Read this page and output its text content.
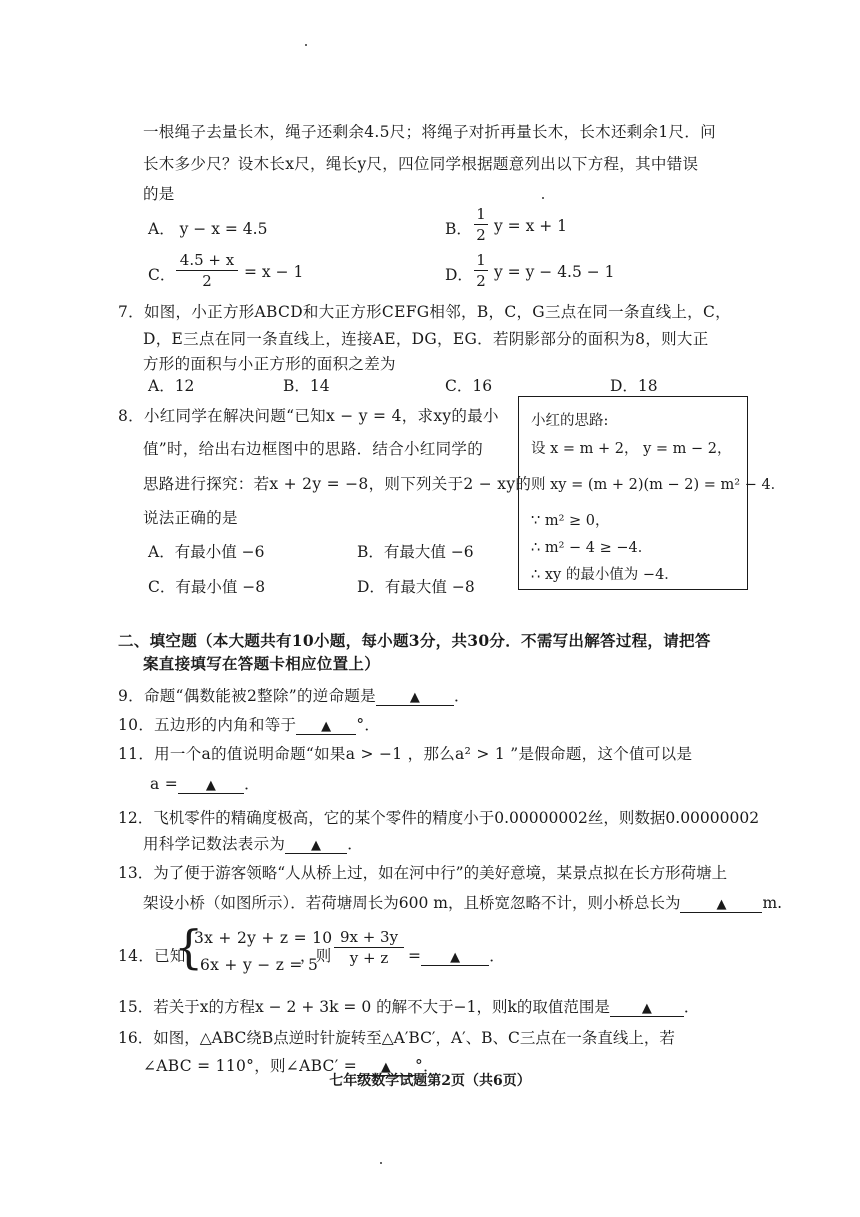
一根绳子去量长木，绳子还剩余4.5尺；将绳子对折再量长木，长木还剩余1尺．问
长木多少尺？设木长x尺，绳长y尺，四位同学根据题意列出以下方程，其中错误
的是
A． y − x = 4.5	B．
1
2 y = x + 1
C．
4.5 + x
2	= x − 1	D．
1
2 y = y − 4.5 − 1
7．如图，小正方形ABCD和大正方形CEFG相邻，B，C，G三点在同一条直线上，C，
D，E三点在同一条直线上，连接AE，DG，EG．若阴影部分的面积为8，则大正
方形的面积与小正方形的面积之差为
A．12	B．14	C．16	D．18
8．小红同学在解决问题“已知x − y = 4，求xy的最小
值”时，给出右边框图中的思路．结合小红同学的
思路进行探究：若x + 2y = −8，则下列关于2 − xy的
说法正确的是
A．有最小值 −6	B．有最大值 −6
C．有最小值 −8	D．有最大值 −8
小红的思路:
设 x = m + 2， y = m − 2，
则 xy = (m + 2)(m − 2) = m² − 4．
∵ m² ≥ 0，
∴ m² − 4 ≥ −4．
∴ xy 的最小值为 −4．
二、填空题（本大题共有10小题，每小题3分，共30分．不需写出解答过程，请把答
案直接填写在答题卡相应位置上）
9．命题“偶数能被2整除”的逆命题是	▲ ．
10．五边形的内角和等于 ▲ °．
11．用一个a的值说明命题“如果a > −1 ，那么a² > 1 ”是假命题，这个值可以是
a = ▲ ．
12．飞机零件的精确度极高，它的某个零件的精度小于0.00000002丝，则数据0.00000002
用科学记数法表示为 ▲ ．
13．为了便于游客领略“人从桥上过，如在河中行”的美好意境，某景点拟在长方形荷塘上
架设小桥（如图所示）．若荷塘周长为600 m，且桥宽忽略不计，则小桥总长为	▲ m.
14．已知
{
3x + 2y + z = 10
6x + y − z = 5
，则
9x + 3y
y + z	= ▲ ．
15．若关于x的方程x − 2 + 3k = 0 的解不大于−1，则k的取值范围是 ▲ ．
16．如图，△ABC绕B点逆时针旋转至△A′BC′，A′、B、C三点在一条直线上，若
∠ABC = 110°，则∠ABC′ = ▲ °．
七年级数学试题第2页（共6页）
